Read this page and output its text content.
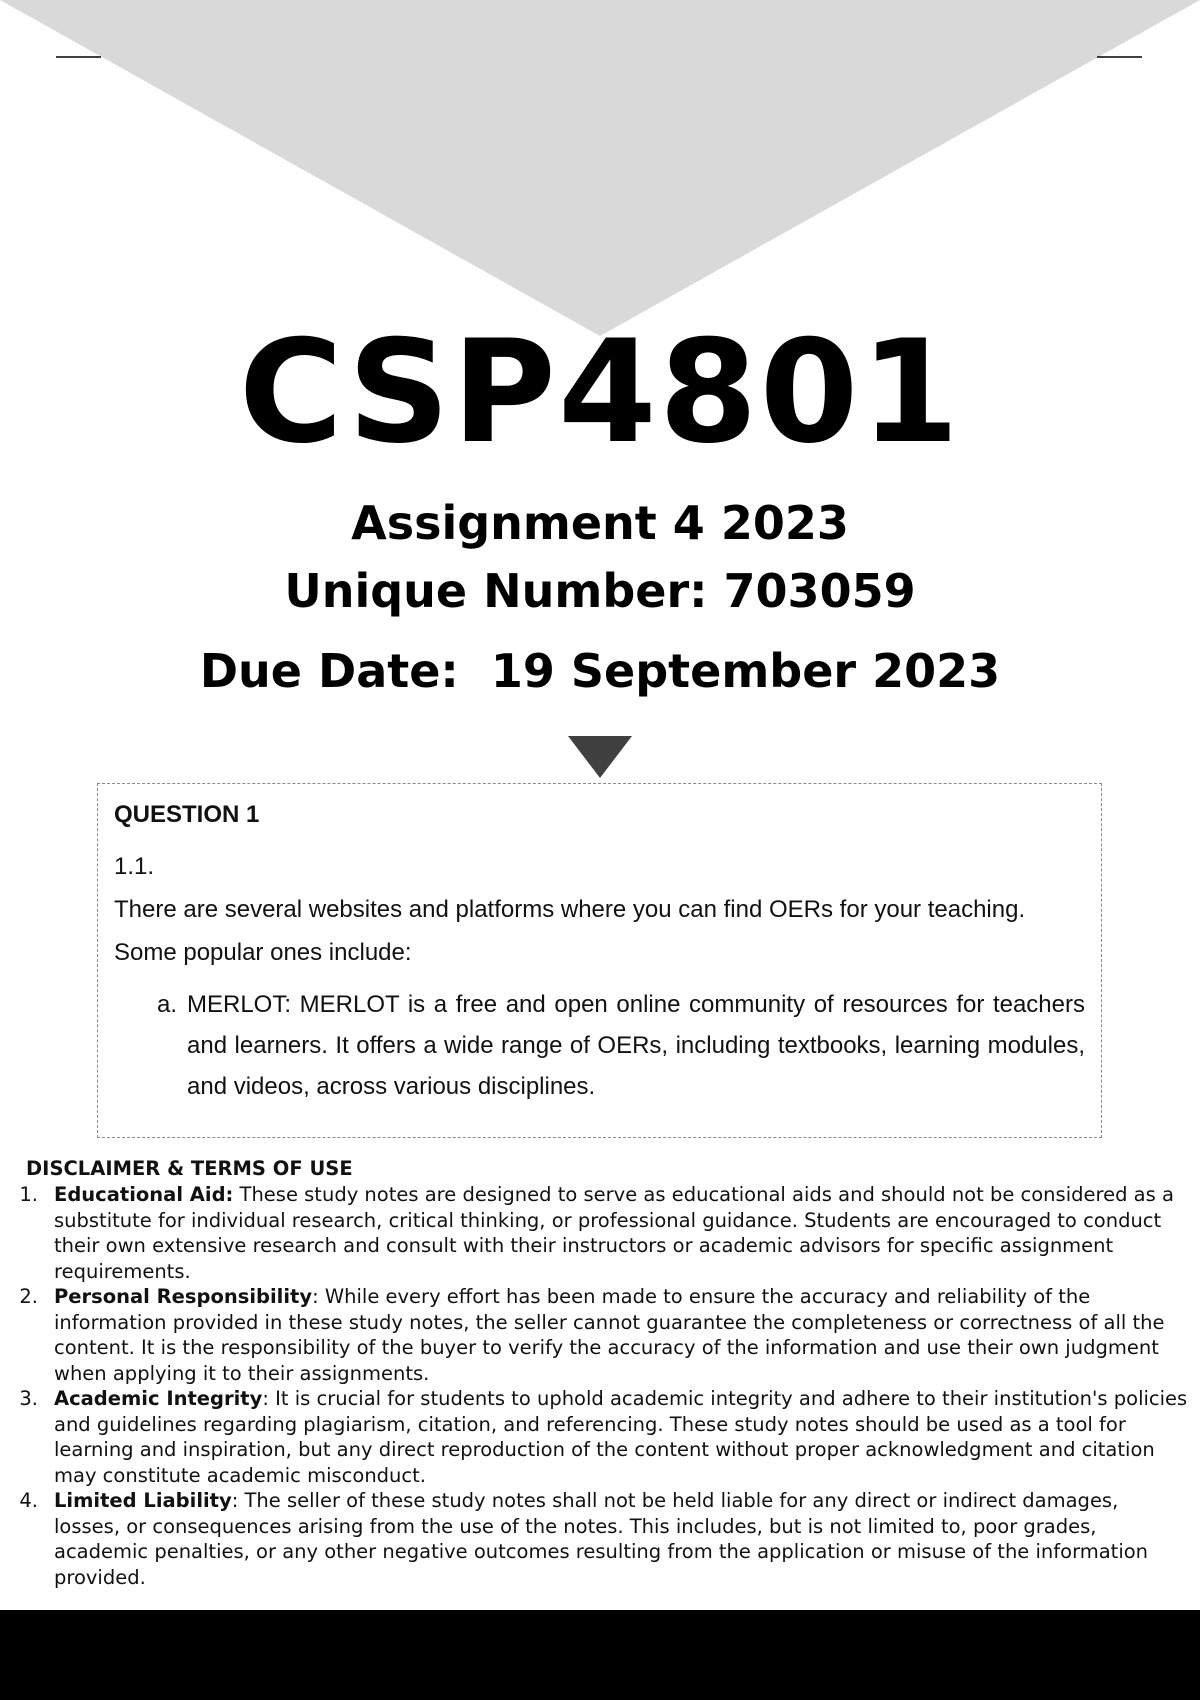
CSP4801
Assignment 4 2023
Unique Number: 703059
Due Date:  19 September 2023
QUESTION 1
1.1.
There are several websites and platforms where you can find OERs for your teaching. Some popular ones include:
a. MERLOT: MERLOT is a free and open online community of resources for teachers and learners. It offers a wide range of OERs, including textbooks, learning modules, and videos, across various disciplines.
DISCLAIMER & TERMS OF USE
1. Educational Aid: These study notes are designed to serve as educational aids and should not be considered as a substitute for individual research, critical thinking, or professional guidance. Students are encouraged to conduct their own extensive research and consult with their instructors or academic advisors for specific assignment requirements.
2. Personal Responsibility: While every effort has been made to ensure the accuracy and reliability of the information provided in these study notes, the seller cannot guarantee the completeness or correctness of all the content. It is the responsibility of the buyer to verify the accuracy of the information and use their own judgment when applying it to their assignments.
3. Academic Integrity: It is crucial for students to uphold academic integrity and adhere to their institution's policies and guidelines regarding plagiarism, citation, and referencing. These study notes should be used as a tool for learning and inspiration, but any direct reproduction of the content without proper acknowledgment and citation may constitute academic misconduct.
4. Limited Liability: The seller of these study notes shall not be held liable for any direct or indirect damages, losses, or consequences arising from the use of the notes. This includes, but is not limited to, poor grades, academic penalties, or any other negative outcomes resulting from the application or misuse of the information provided.
